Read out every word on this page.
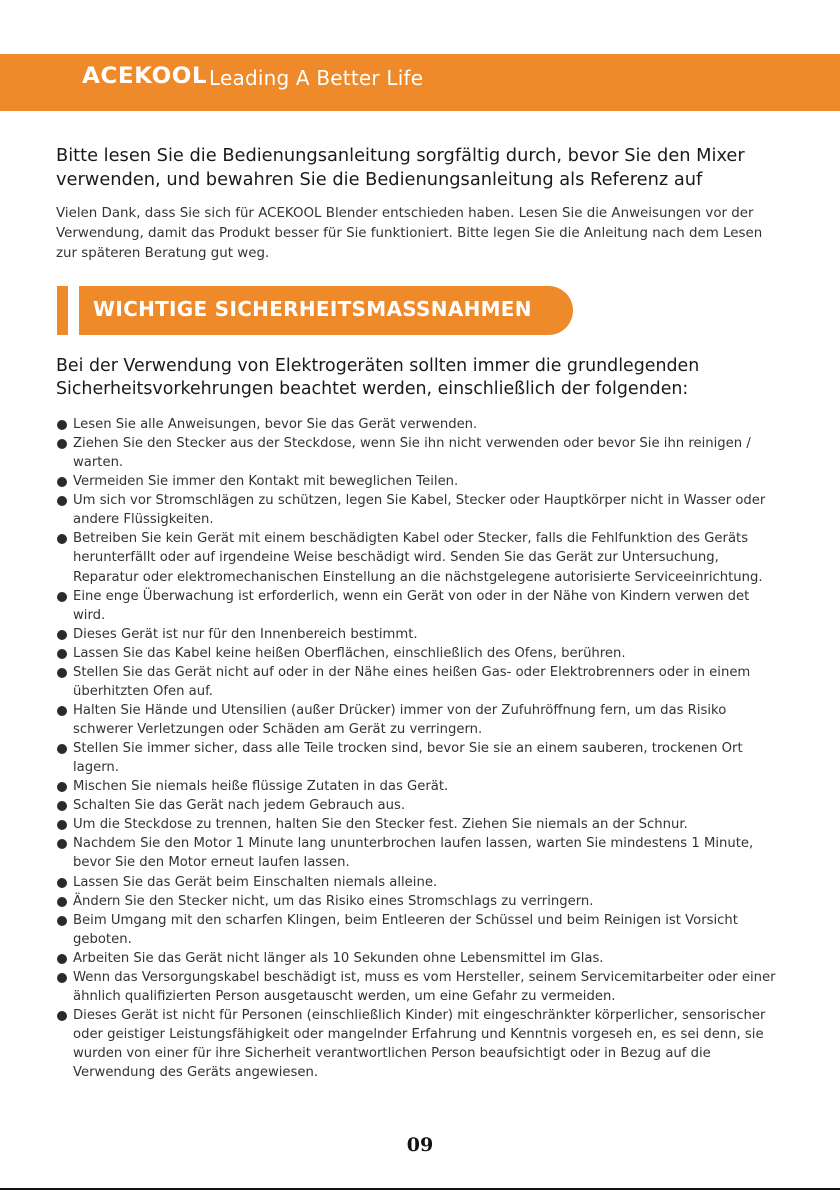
ACEKOOL Leading A Better Life
Bitte lesen Sie die Bedienungsanleitung sorgfältig durch, bevor Sie den Mixer verwenden, und bewahren Sie die Bedienungsanleitung als Referenz auf

Vielen Dank, dass Sie sich für ACEKOOL Blender entschieden haben. Lesen Sie die Anweisungen vor der Verwendung, damit das Produkt besser für Sie funktioniert. Bitte legen Sie die Anleitung nach dem Lesen zur späteren Beratung gut weg.

WICHTIGE SICHERHEITSMASSNAHMEN
Bei der Verwendung von Elektrogeräten sollten immer die grundlegenden Sicherheitsvorkehrungen beachtet werden, einschließlich der folgenden:
Lesen Sie alle Anweisungen, bevor Sie das Gerät verwenden.
Ziehen Sie den Stecker aus der Steckdose, wenn Sie ihn nicht verwenden oder bevor Sie ihn reinigen / warten.
Vermeiden Sie immer den Kontakt mit beweglichen Teilen.
Um sich vor Stromschlägen zu schützen, legen Sie Kabel, Stecker oder Hauptkörper nicht in Wasser oder andere Flüssigkeiten.
Betreiben Sie kein Gerät mit einem beschädigten Kabel oder Stecker, falls die Fehlfunktion des Geräts herunterfällt oder auf irgendeine Weise beschädigt wird. Senden Sie das Gerät zur Untersuchung, Reparatur oder elektromechanischen Einstellung an die nächstgelegene autorisierte Serviceeinrichtung.
Eine enge Überwachung ist erforderlich, wenn ein Gerät von oder in der Nähe von Kindern verwen det wird.
Dieses Gerät ist nur für den Innenbereich bestimmt.
Lassen Sie das Kabel keine heißen Oberflächen, einschließlich des Ofens, berühren.
Stellen Sie das Gerät nicht auf oder in der Nähe eines heißen Gas- oder Elektrobrenners oder in einem überhitzten Ofen auf.
Halten Sie Hände und Utensilien (außer Drücker) immer von der Zufuhröffnung fern, um das Risiko schwerer Verletzungen oder Schäden am Gerät zu verringern.
Stellen Sie immer sicher, dass alle Teile trocken sind, bevor Sie sie an einem sauberen, trockenen Ort lagern.
Mischen Sie niemals heiße flüssige Zutaten in das Gerät.
Schalten Sie das Gerät nach jedem Gebrauch aus.
Um die Steckdose zu trennen, halten Sie den Stecker fest. Ziehen Sie niemals an der Schnur.
Nachdem Sie den Motor 1 Minute lang ununterbrochen laufen lassen, warten Sie mindestens 1 Minute, bevor Sie den Motor erneut laufen lassen.
Lassen Sie das Gerät beim Einschalten niemals alleine.
Ändern Sie den Stecker nicht, um das Risiko eines Stromschlags zu verringern.
Beim Umgang mit den scharfen Klingen, beim Entleeren der Schüssel und beim Reinigen ist Vorsicht geboten.
Arbeiten Sie das Gerät nicht länger als 10 Sekunden ohne Lebensmittel im Glas.
Wenn das Versorgungskabel beschädigt ist, muss es vom Hersteller, seinem Servicemitarbeiter oder einer ähnlich qualifizierten Person ausgetauscht werden, um eine Gefahr zu vermeiden.
Dieses Gerät ist nicht für Personen (einschließlich Kinder) mit eingeschränkter körperlicher, sensorischer oder geistiger Leistungsfähigkeit oder mangelnder Erfahrung und Kenntnis vorgeseh en, es sei denn, sie wurden von einer für ihre Sicherheit verantwortlichen Person beaufsichtigt oder in Bezug auf die Verwendung des Geräts angewiesen.
09
